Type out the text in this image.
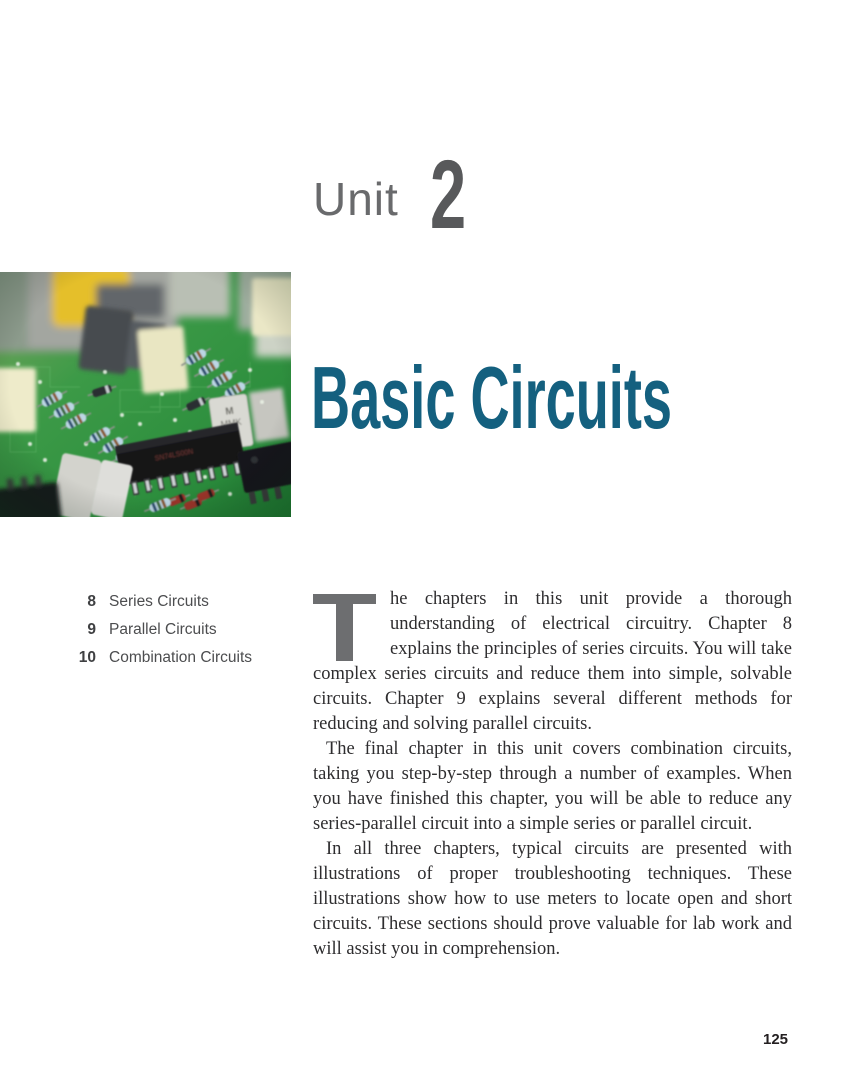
Unit 2
Basic Circuits
8 Series Circuits
9 Parallel Circuits
10 Combination Circuits

he chapters in this unit provide a thorough understanding of electrical circuitry. Chapter 8 explains the principles of series circuits. You will take complex series circuits and reduce them into simple, solvable circuits. Chapter 9 explains several different methods for reducing and solving parallel circuits.

The final chapter in this unit covers combination circuits, taking you step-by-step through a number of examples. When you have finished this chapter, you will be able to reduce any series-parallel circuit into a simple series or parallel circuit.

In all three chapters, typical circuits are presented with illustrations of proper troubleshooting techniques. These illustrations show how to use meters to locate open and short circuits. These sections should prove valuable for lab work and will assist you in comprehension.

125
